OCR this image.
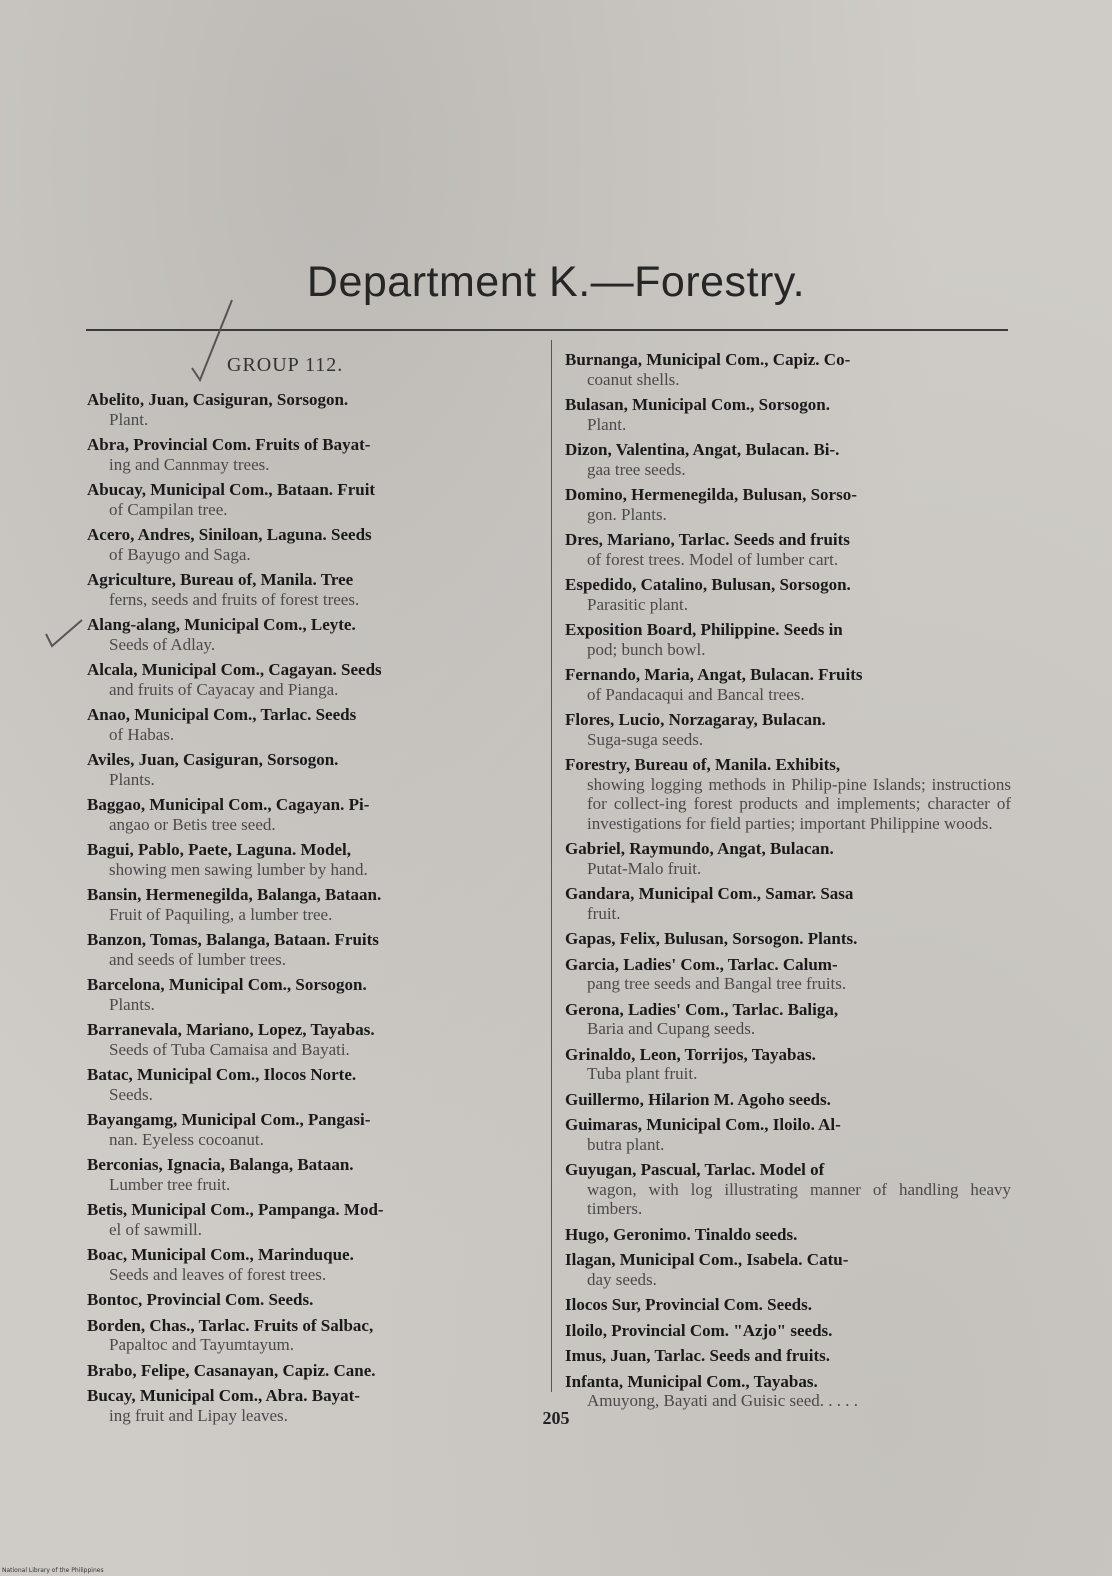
Department K.—Forestry.
GROUP 112.
Abelito, Juan, Casiguran, Sorsogon.
Plant.
Abra, Provincial Com. Fruits of Bayat-
ing and Cannmay trees.
Abucay, Municipal Com., Bataan. Fruit
of Campilan tree.
Acero, Andres, Siniloan, Laguna. Seeds
of Bayugo and Saga.
Agriculture, Bureau of, Manila. Tree
ferns, seeds and fruits of forest trees.
Alang-alang, Municipal Com., Leyte.
Seeds of Adlay.
Alcala, Municipal Com., Cagayan. Seeds
and fruits of Cayacay and Pianga.
Anao, Municipal Com., Tarlac. Seeds
of Habas.
Aviles, Juan, Casiguran, Sorsogon.
Plants.
Baggao, Municipal Com., Cagayan. Pi-
angao or Betis tree seed.
Bagui, Pablo, Paete, Laguna. Model,
showing men sawing lumber by hand.
Bansin, Hermenegilda, Balanga, Bataan.
Fruit of Paquiling, a lumber tree.
Banzon, Tomas, Balanga, Bataan. Fruits
and seeds of lumber trees.
Barcelona, Municipal Com., Sorsogon.
Plants.
Barranevala, Mariano, Lopez, Tayabas.
Seeds of Tuba Camaisa and Bayati.
Batac, Municipal Com., Ilocos Norte.
Seeds.
Bayangamg, Municipal Com., Pangasi-
nan. Eyeless cocoanut.
Berconias, Ignacia, Balanga, Bataan.
Lumber tree fruit.
Betis, Municipal Com., Pampanga. Mod-
el of sawmill.
Boac, Municipal Com., Marinduque.
Seeds and leaves of forest trees.
Bontoc, Provincial Com. Seeds.
Borden, Chas., Tarlac. Fruits of Salbac,
Papaltoc and Tayumtayum.
Brabo, Felipe, Casanayan, Capiz. Cane.
Bucay, Municipal Com., Abra. Bayat-
ing fruit and Lipay leaves.
Burnanga, Municipal Com., Capiz. Co-
coanut shells.
Bulasan, Municipal Com., Sorsogon.
Plant.
Dizon, Valentina, Angat, Bulacan. Bi-.
gaa tree seeds.
Domino, Hermenegilda, Bulusan, Sorso-
gon. Plants.
Dres, Mariano, Tarlac. Seeds and fruits
of forest trees. Model of lumber cart.
Espedido, Catalino, Bulusan, Sorsogon.
Parasitic plant.
Exposition Board, Philippine. Seeds in
pod; bunch bowl.
Fernando, Maria, Angat, Bulacan. Fruits
of Pandacaqui and Bancal trees.
Flores, Lucio, Norzagaray, Bulacan.
Suga-suga seeds.
Forestry, Bureau of, Manila. Exhibits,
showing logging methods in Philip-pine Islands; instructions for collect-ing forest products and implements; character of investigations for field parties; important Philippine woods.
Gabriel, Raymundo, Angat, Bulacan.
Putat-Malo fruit.
Gandara, Municipal Com., Samar. Sasa
fruit.
Gapas, Felix, Bulusan, Sorsogon. Plants.
Garcia, Ladies' Com., Tarlac. Calum-
pang tree seeds and Bangal tree fruits.
Gerona, Ladies' Com., Tarlac. Baliga,
Baria and Cupang seeds.
Grinaldo, Leon, Torrijos, Tayabas.
Tuba plant fruit.
Guillermo, Hilarion M. Agoho seeds.
Guimaras, Municipal Com., Iloilo. Al-
butra plant.
Guyugan, Pascual, Tarlac. Model of
wagon, with log illustrating manner of handling heavy timbers.
Hugo, Geronimo. Tinaldo seeds.
Ilagan, Municipal Com., Isabela. Catu-
day seeds.
Ilocos Sur, Provincial Com. Seeds.
Iloilo, Provincial Com. "Azjo" seeds.
Imus, Juan, Tarlac. Seeds and fruits.
Infanta, Municipal Com., Tayabas.
Amuyong, Bayati and Guisic seed. . . . .
205
National Library of the Philippines
